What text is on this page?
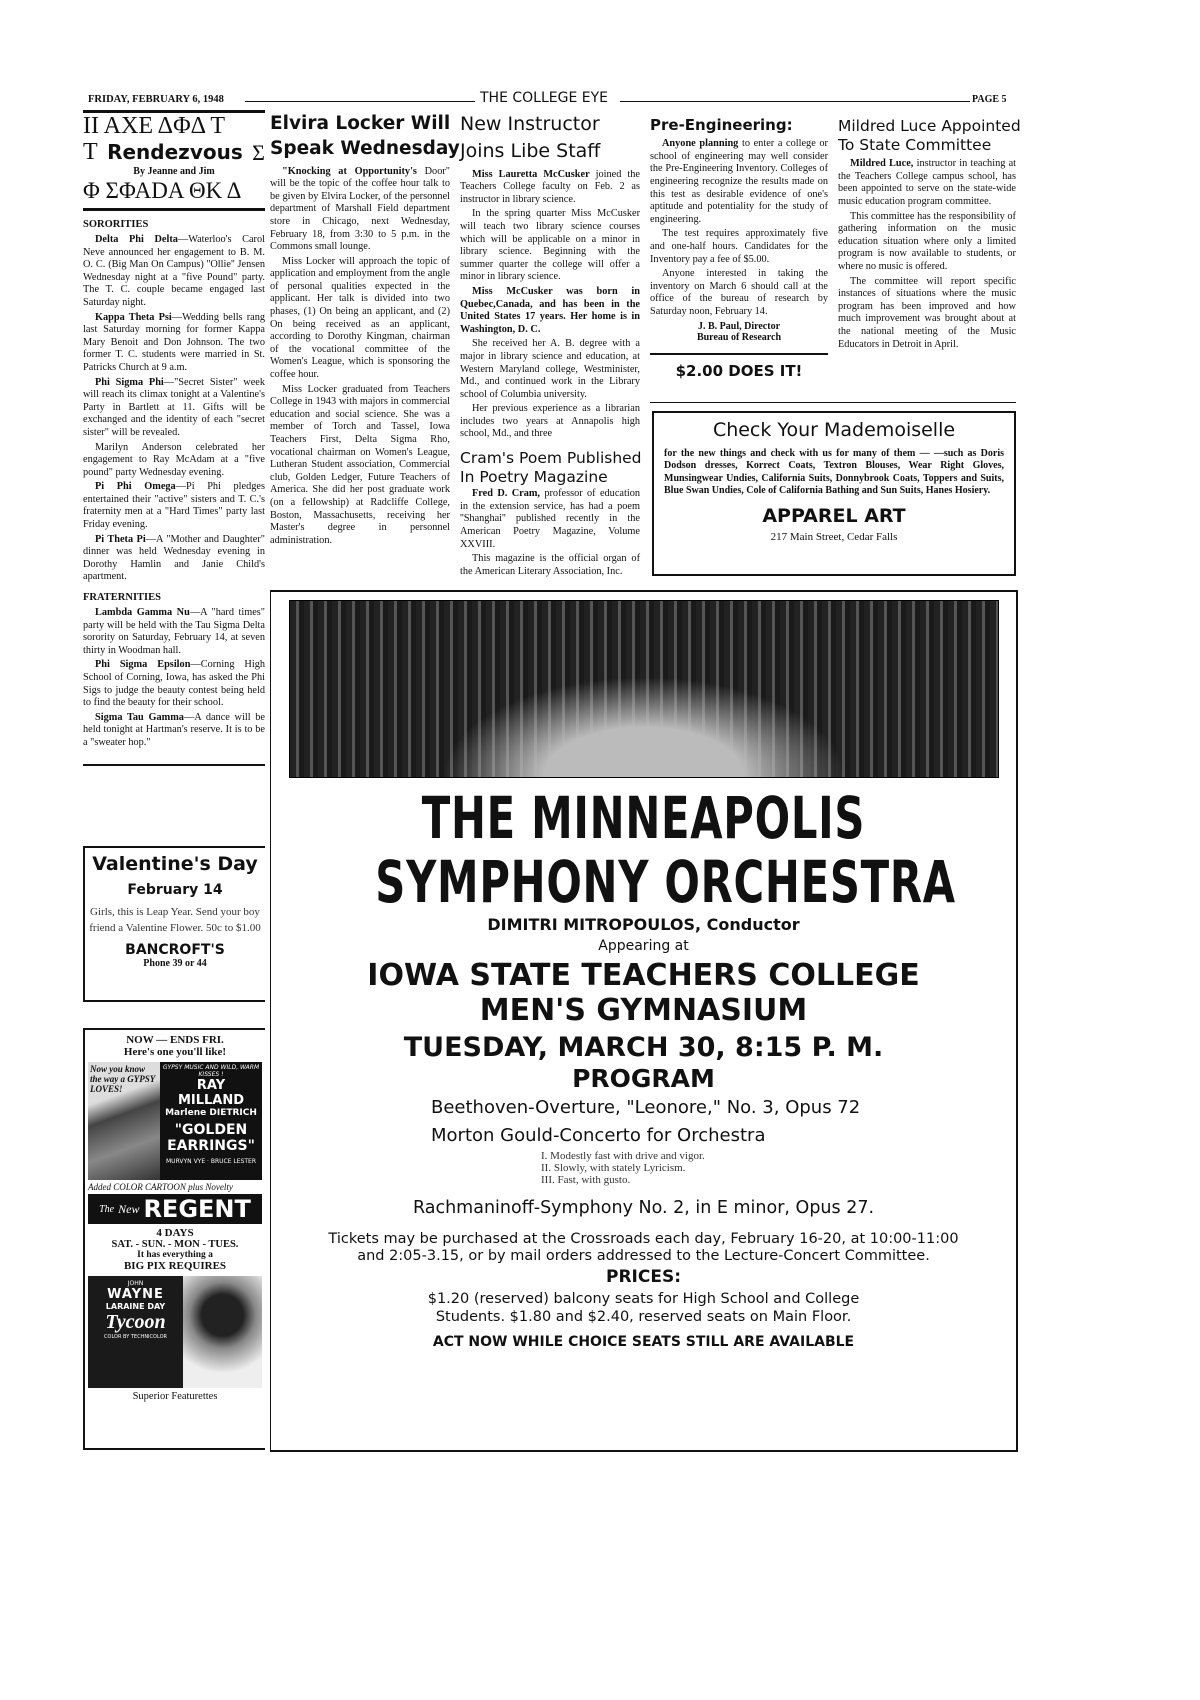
FRIDAY, FEBRUARY 6, 1948	THE COLLEGE EYE	PAGE 5
ΙΙ ΑΧΕ ΔΦΔ Τ
Τ Rendezvous Σ
By Jeanne and Jim
Φ ΣΦΑDΑ ΘΚ Δ
SORORITIES

Delta Phi Delta—Waterloo's Carol Neve announced her engagement to B. M. O. C. (Big Man On Campus) ''Ollie'' Jensen Wednesday night at a "five Pound" party. The T. C. couple became engaged last Saturday night.

Kappa Theta Psi—Wedding bells rang last Saturday morning for former Kappa Mary Benoit and Don Johnson. The two former T. C. students were married in St. Patricks Church at 9 a.m.

Phi Sigma Phi—"Secret Sister" week will reach its climax tonight at a Valentine's Party in Bartlett at 11. Gifts will be exchanged and the identity of each "secret sister" will be revealed.

Marilyn Anderson celebrated her engagement to Ray McAdam at a "five pound" party Wednesday evening.

Pi Phi Omega—Pi Phi pledges entertained their "active" sisters and T. C.'s fraternity men at a "Hard Times" party last Friday evening.

Pi Theta Pi—A "Mother and Daughter" dinner was held Wednesday evening in Dorothy Hamlin and Janie Child's apartment.

FRATERNITIES

Lambda Gamma Nu—A "hard times" party will be held with the Tau Sigma Delta sorority on Saturday, February 14, at seven thirty in Woodman hall.

Phi Sigma Epsilon—Corning High School of Corning, Iowa, has asked the Phi Sigs to judge the beauty contest being held to find the beauty for their school.

Sigma Tau Gamma—A dance will be held tonight at Hartman's reserve. It is to be a "sweater hop."

Valentine's Day
February 14
Girls, this is Leap Year. Send your boy friend a Valentine Flower. 50c to $1.00
BANCROFT'S
Phone 39 or 44
NOW — ENDS FRI.
Here's one you'll like!
Now you know the way a GYPSY LOVES!
GYPSY MUSIC AND WILD, WARM KISSES !
RAY MILLAND
Marlene DIETRICH
"GOLDEN EARRINGS"
MURVYN VYE · BRUCE LESTER
Added COLOR CARTOON plus Novelty
The New REGENT
4 DAYS
SAT. - SUN. - MON - TUES.
It has everything a
BIG PIX REQUIRES
JOHN
WAYNE
LARAINE DAY
Tycoon
COLOR BY TECHNICOLOR
Superior Featurettes
Elvira Locker Will
Speak Wednesday

"Knocking at Opportunity's Door" will be the topic of the coffee hour talk to be given by Elvira Locker, of the personnel department of Marshall Field department store in Chicago, next Wednesday, February 18, from 3:30 to 5 p.m. in the Commons small lounge.

Miss Locker will approach the topic of application and employment from the angle of personal qualities expected in the applicant. Her talk is divided into two phases, (1) On being an applicant, and (2) On being received as an applicant, according to Dorothy Kingman, chairman of the vocational committee of the Women's League, which is sponsoring the coffee hour.

Miss Locker graduated from Teachers College in 1943 with majors in commercial education and social science. She was a member of Torch and Tassel, Iowa Teachers First, Delta Sigma Rho, vocational chairman on Women's League, Lutheran Student association, Commercial club, Golden Ledger, Future Teachers of America. She did her post graduate work (on a fellowship) at Radcliffe College, Boston, Massachusetts, receiving her Master's degree in personnel administration.

New Instructor
Joins Libe Staff

Miss Lauretta McCusker joined the Teachers College faculty on Feb. 2 as instructor in library science.

In the spring quarter Miss McCusker will teach two library science courses which will be applicable on a minor in library science. Beginning with the summer quarter the college will offer a minor in library science.

Miss McCusker was born in Quebec,Canada, and has been in the United States 17 years. Her home is in Washington, D. C.

She received her A. B. degree with a major in library science and education, at Western Maryland college, Westminister, Md., and continued work in the Library school of Columbia university.

Her previous experience as a librarian includes two years at Annapolis high school, Md., and three

Cram's Poem Published
In Poetry Magazine

Fred D. Cram, professor of education in the extension service, has had a poem ''Shanghai'' published recently in the American Poetry Magazine, Volume XXVIII.

This magazine is the official organ of the American Literary Association, Inc.

Pre-Engineering:

Anyone planning to enter a college or school of engineering may well consider the Pre-Engineering Inventory. Colleges of engineering recognize the results made on this test as desirable evidence of one's aptitude and potentiality for the study of engineering.

The test requires approximately five and one-half hours. Candidates for the Inventory pay a fee of $5.00.

Anyone interested in taking the inventory on March 6 should call at the office of the bureau of research by Saturday noon, February 14.

J. B. Paul, Director
Bureau of Research
$2.00 DOES IT!
Mildred Luce Appointed
To State Committee

Mildred Luce, instructor in teaching at the Teachers College campus school, has been appointed to serve on the state-wide music education program committee.

This committee has the responsibility of gathering information on the music education situation where only a limited program is now available to students, or where no music is offered.

The committee will report specific instances of situations where the music program has been improved and how much improvement was brought about at the national meeting of the Music Educators in Detroit in April.

Check Your Mademoiselle
for the new things and check with us for many of them — —such as Doris Dodson dresses, Korrect Coats, Textron Blouses, Wear Right Gloves, Munsingwear Undies, California Suits, Donnybrook Coats, Toppers and Suits, Blue Swan Undies, Cole of California Bathing and Sun Suits, Hanes Hosiery.
APPAREL ART
217 Main Street, Cedar Falls
THE MINNEAPOLIS
SYMPHONY ORCHESTRA
DIMITRI MITROPOULOS, Conductor
Appearing at
IOWA STATE TEACHERS COLLEGE
MEN'S GYMNASIUM
TUESDAY, MARCH 30, 8:15 P. M.
PROGRAM
Beethoven-Overture, "Leonore," No. 3, Opus 72
Morton Gould-Concerto for Orchestra
I. Modestly fast with drive and vigor.
II. Slowly, with stately Lyricism.
III. Fast, with gusto.
Rachmaninoff-Symphony No. 2, in E minor, Opus 27.
Tickets may be purchased at the Crossroads each day, February 16-20, at 10:00-11:00
and 2:05-3.15, or by mail orders addressed to the Lecture-Concert Committee.
PRICES:
$1.20 (reserved) balcony seats for High School and College
Students. $1.80 and $2.40, reserved seats on Main Floor.
ACT NOW WHILE CHOICE SEATS STILL ARE AVAILABLE
